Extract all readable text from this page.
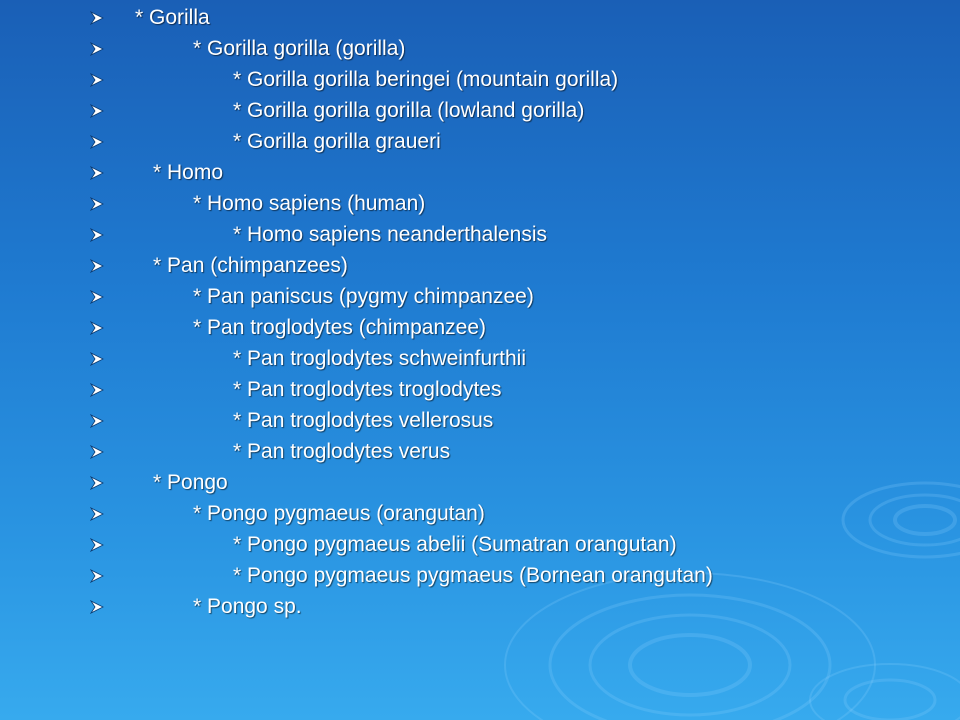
* Gorilla
* Gorilla gorilla (gorilla)
* Gorilla gorilla beringei (mountain gorilla)
* Gorilla gorilla gorilla (lowland gorilla)
* Gorilla gorilla graueri
* Homo
* Homo sapiens (human)
* Homo sapiens neanderthalensis
* Pan (chimpanzees)
* Pan paniscus (pygmy chimpanzee)
* Pan troglodytes (chimpanzee)
* Pan troglodytes schweinfurthii
* Pan troglodytes troglodytes
* Pan troglodytes vellerosus
* Pan troglodytes verus
* Pongo
* Pongo pygmaeus (orangutan)
* Pongo pygmaeus abelii (Sumatran orangutan)
* Pongo pygmaeus pygmaeus (Bornean orangutan)
* Pongo sp.
